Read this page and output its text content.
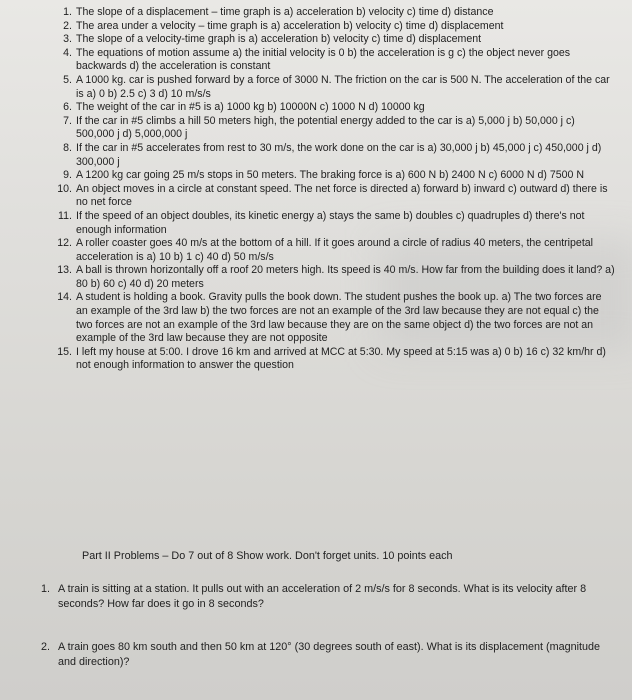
1. The slope of a displacement – time graph is a) acceleration b) velocity c) time d) distance
2. The area under a velocity – time graph is a) acceleration b) velocity c) time d) displacement
3. The slope of a velocity-time graph is a) acceleration b) velocity c) time d) displacement
4. The equations of motion assume a) the initial velocity is 0 b) the acceleration is g c) the object never goes backwards d) the acceleration is constant
5. A 1000 kg. car is pushed forward by a force of 3000 N. The friction on the car is 500 N. The acceleration of the car is a) 0 b) 2.5 c) 3 d) 10 m/s/s
6. The weight of the car in #5 is a) 1000 kg b) 10000N c) 1000 N d) 10000 kg
7. If the car in #5 climbs a hill 50 meters high, the potential energy added to the car is a) 5,000 j b) 50,000 j c) 500,000 j d) 5,000,000 j
8. If the car in #5 accelerates from rest to 30 m/s, the work done on the car is a) 30,000 j b) 45,000 j c) 450,000 j d) 300,000 j
9. A 1200 kg car going 25 m/s stops in 50 meters. The braking force is a) 600 N b) 2400 N c) 6000 N d) 7500 N
10. An object moves in a circle at constant speed. The net force is directed a) forward b) inward c) outward d) there is no net force
11. If the speed of an object doubles, its kinetic energy a) stays the same b) doubles c) quadruples d) there's not enough information
12. A roller coaster goes 40 m/s at the bottom of a hill. If it goes around a circle of radius 40 meters, the centripetal acceleration is a) 10 b) 1 c) 40 d) 50 m/s/s
13. A ball is thrown horizontally off a roof 20 meters high. Its speed is 40 m/s. How far from the building does it land? a) 80 b) 60 c) 40 d) 20 meters
14. A student is holding a book. Gravity pulls the book down. The student pushes the book up. a) The two forces are an example of the 3rd law b) the two forces are not an example of the 3rd law because they are not equal c) the two forces are not an example of the 3rd law because they are on the same object d) the two forces are not an example of the 3rd law because they are not opposite
15. I left my house at 5:00. I drove 16 km and arrived at MCC at 5:30. My speed at 5:15 was a) 0 b) 16 c) 32 km/hr d) not enough information to answer the question
Part II Problems – Do 7 out of 8 Show work. Don't forget units. 10 points each
1. A train is sitting at a station. It pulls out with an acceleration of 2 m/s/s for 8 seconds. What is its velocity after 8 seconds? How far does it go in 8 seconds?
2. A train goes 80 km south and then 50 km at 120° (30 degrees south of east). What is its displacement (magnitude and direction)?
